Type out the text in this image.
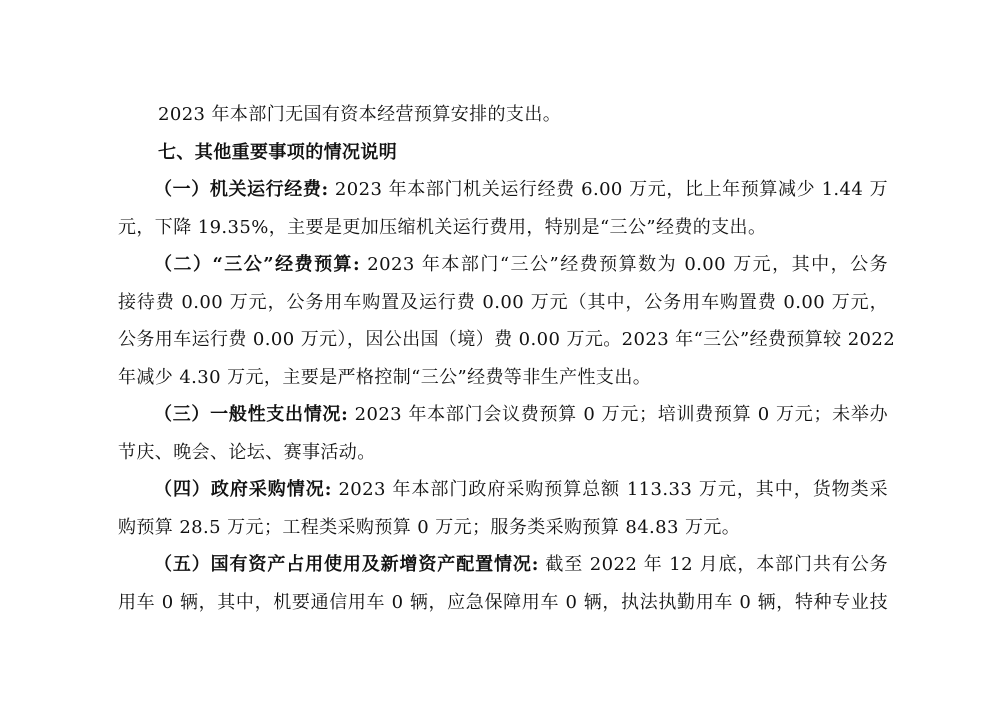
2023 年本部门无国有资本经营预算安排的支出。

七、其他重要事项的情况说明

（一）机关运行经费: 2023 年本部门机关运行经费 6.00 万元，比上年预算减少 1.44 万

元，下降 19.35%，主要是更加压缩机关运行费用，特别是“三公”经费的支出。

（二）“三公”经费预算: 2023 年本部门“三公”经费预算数为 0.00 万元，其中，公务

接待费 0.00 万元，公务用车购置及运行费 0.00 万元（其中，公务用车购置费 0.00 万元，

公务用车运行费 0.00 万元），因公出国（境）费 0.00 万元。2023 年“三公”经费预算较 2022

年减少 4.30 万元，主要是严格控制“三公”经费等非生产性支出。

（三）一般性支出情况: 2023 年本部门会议费预算 0 万元；培训费预算 0 万元；未举办

节庆、晚会、论坛、赛事活动。

（四）政府采购情况: 2023 年本部门政府采购预算总额 113.33 万元，其中，货物类采

购预算 28.5 万元；工程类采购预算 0 万元；服务类采购预算 84.83 万元。

（五）国有资产占用使用及新增资产配置情况: 截至 2022 年 12 月底，本部门共有公务

用车 0 辆，其中，机要通信用车 0 辆，应急保障用车 0 辆，执法执勤用车 0 辆，特种专业技
